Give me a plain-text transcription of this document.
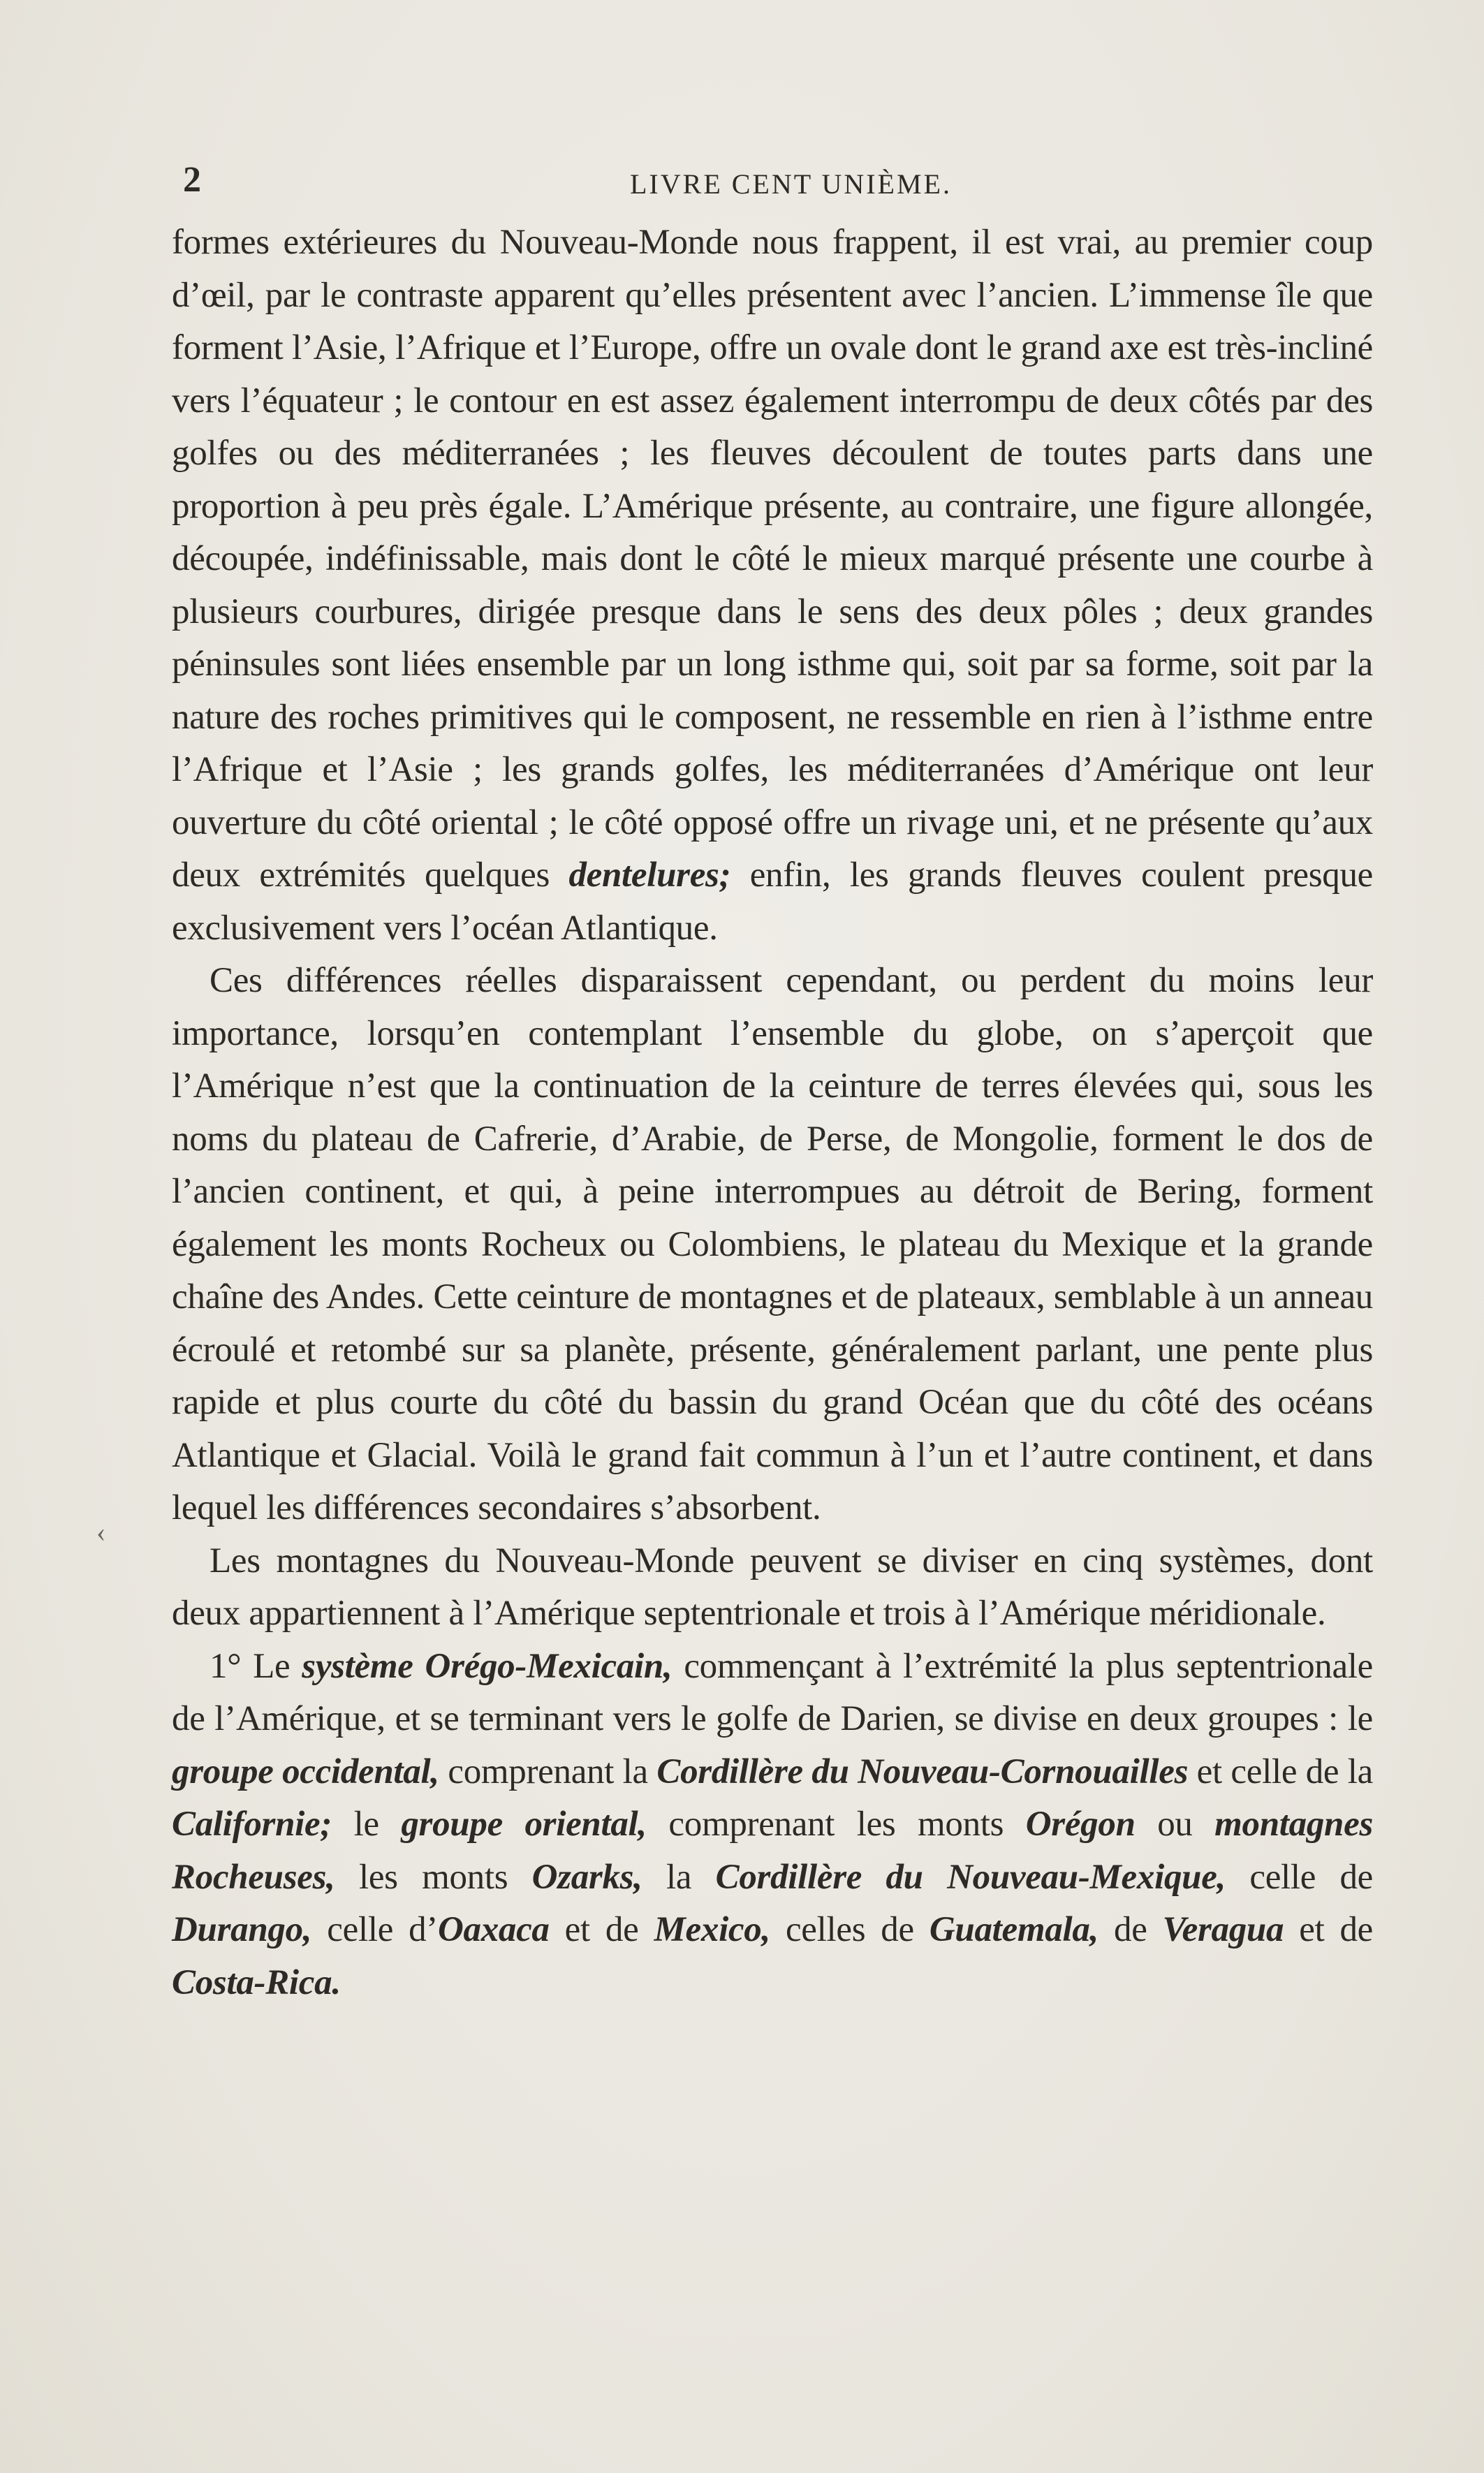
2	LIVRE CENT UNIÈME.

formes extérieures du Nouveau-Monde nous frappent, il est vrai, au premier coup d’œil, par le contraste apparent qu’elles présentent avec l’ancien. L’immense île que forment l’Asie, l’Afrique et l’Europe, offre un ovale dont le grand axe est très-incliné vers l’équateur ; le contour en est assez également interrompu de deux côtés par des golfes ou des méditerranées ; les fleuves découlent de toutes parts dans une proportion à peu près égale. L’Amérique présente, au contraire, une figure allongée, découpée, indéfinissable, mais dont le côté le mieux marqué présente une courbe à plusieurs courbures, dirigée presque dans le sens des deux pôles ; deux grandes péninsules sont liées ensemble par un long isthme qui, soit par sa forme, soit par la nature des roches primitives qui le composent, ne ressemble en rien à l’isthme entre l’Afrique et l’Asie ; les grands golfes, les méditerranées d’Amérique ont leur ouverture du côté oriental ; le côté opposé offre un rivage uni, et ne présente qu’aux deux extrémités quelques dentelures; enfin, les grands fleuves coulent presque exclusivement vers l’océan Atlantique.

Ces différences réelles disparaissent cependant, ou perdent du moins leur importance, lorsqu’en contemplant l’ensemble du globe, on s’aperçoit que l’Amérique n’est que la continuation de la ceinture de terres élevées qui, sous les noms du plateau de Cafrerie, d’Arabie, de Perse, de Mongolie, forment le dos de l’ancien continent, et qui, à peine interrompues au détroit de Bering, forment également les monts Rocheux ou Colombiens, le plateau du Mexique et la grande chaîne des Andes. Cette ceinture de montagnes et de plateaux, semblable à un anneau écroulé et retombé sur sa planète, présente, généralement parlant, une pente plus rapide et plus courte du côté du bassin du grand Océan que du côté des océans Atlantique et Glacial. Voilà le grand fait commun à l’un et l’autre continent, et dans lequel les différences secondaires s’absorbent.

Les montagnes du Nouveau-Monde peuvent se diviser en cinq systèmes, dont deux appartiennent à l’Amérique septentrionale et trois à l’Amérique méridionale.

1° Le système Orégo-Mexicain, commençant à l’extrémité la plus septentrionale de l’Amérique, et se terminant vers le golfe de Darien, se divise en deux groupes : le groupe occidental, comprenant la Cordillère du Nouveau-Cornouailles et celle de la Californie; le groupe oriental, comprenant les monts Orégon ou montagnes Rocheuses, les monts Ozarks, la Cordillère du Nouveau-Mexique, celle de Durango, celle d’Oaxaca et de Mexico, celles de Guatemala, de Veragua et de Costa-Rica.

‹
